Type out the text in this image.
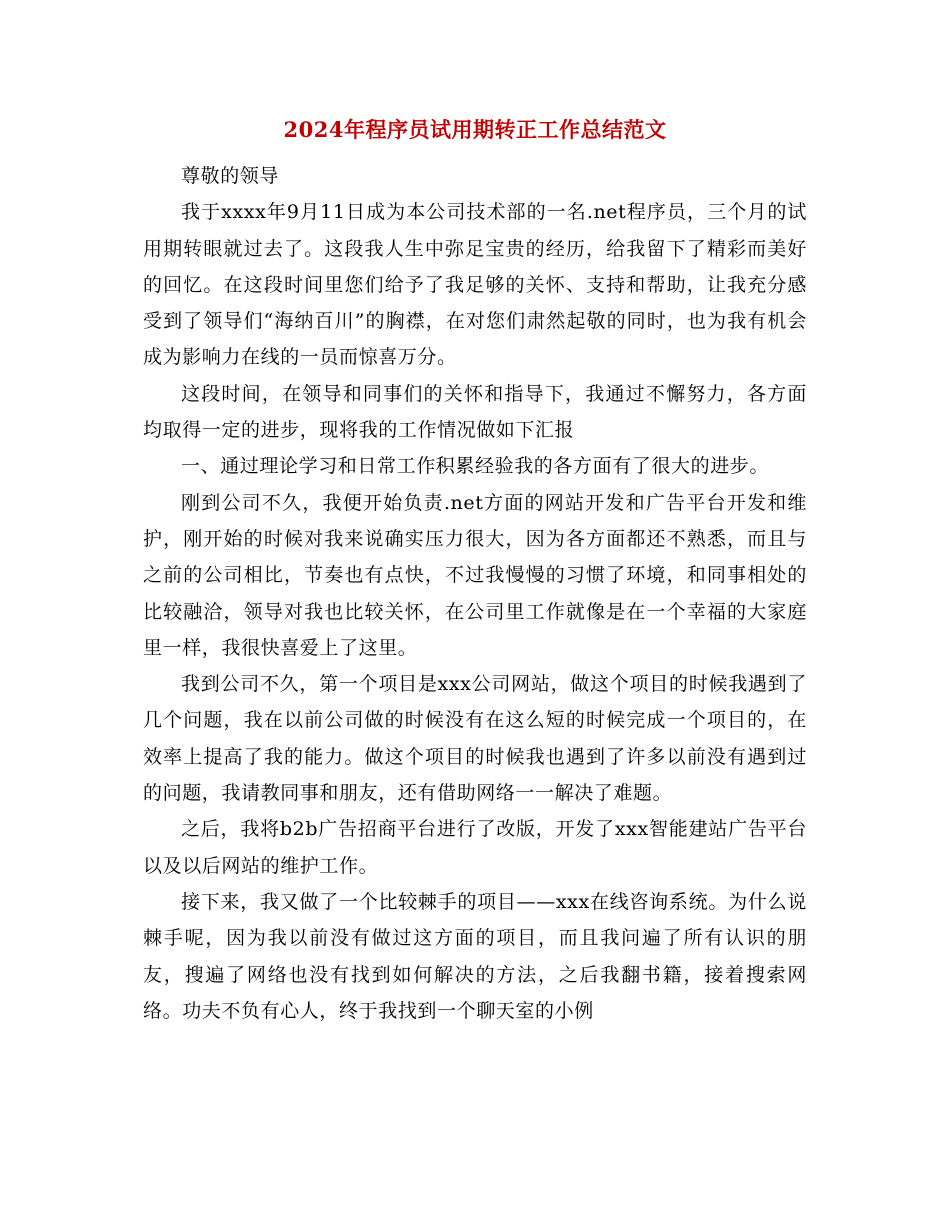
2024年程序员试用期转正工作总结范文

尊敬的领导

我于xxxx年9月11日成为本公司技术部的一名.net程序员，三个月的试用期转眼就过去了。这段我人生中弥足宝贵的经历，给我留下了精彩而美好的回忆。在这段时间里您们给予了我足够的关怀、支持和帮助，让我充分感受到了领导们“海纳百川”的胸襟，在对您们肃然起敬的同时，也为我有机会成为影响力在线的一员而惊喜万分。

这段时间，在领导和同事们的关怀和指导下，我通过不懈努力，各方面均取得一定的进步，现将我的工作情况做如下汇报

一、通过理论学习和日常工作积累经验我的各方面有了很大的进步。

刚到公司不久，我便开始负责.net方面的网站开发和广告平台开发和维护，刚开始的时候对我来说确实压力很大，因为各方面都还不熟悉，而且与之前的公司相比，节奏也有点快，不过我慢慢的习惯了环境，和同事相处的比较融洽，领导对我也比较关怀，在公司里工作就像是在一个幸福的大家庭里一样，我很快喜爱上了这里。

我到公司不久，第一个项目是xxx公司网站，做这个项目的时候我遇到了几个问题，我在以前公司做的时候没有在这么短的时候完成一个项目的，在效率上提高了我的能力。做这个项目的时候我也遇到了许多以前没有遇到过的问题，我请教同事和朋友，还有借助网络一一解决了难题。

之后，我将b2b广告招商平台进行了改版，开发了xxx智能建站广告平台以及以后网站的维护工作。

接下来，我又做了一个比较棘手的项目——xxx在线咨询系统。为什么说棘手呢，因为我以前没有做过这方面的项目，而且我问遍了所有认识的朋友，搜遍了网络也没有找到如何解决的方法，之后我翻书籍，接着搜索网络。功夫不负有心人，终于我找到一个聊天室的小例
